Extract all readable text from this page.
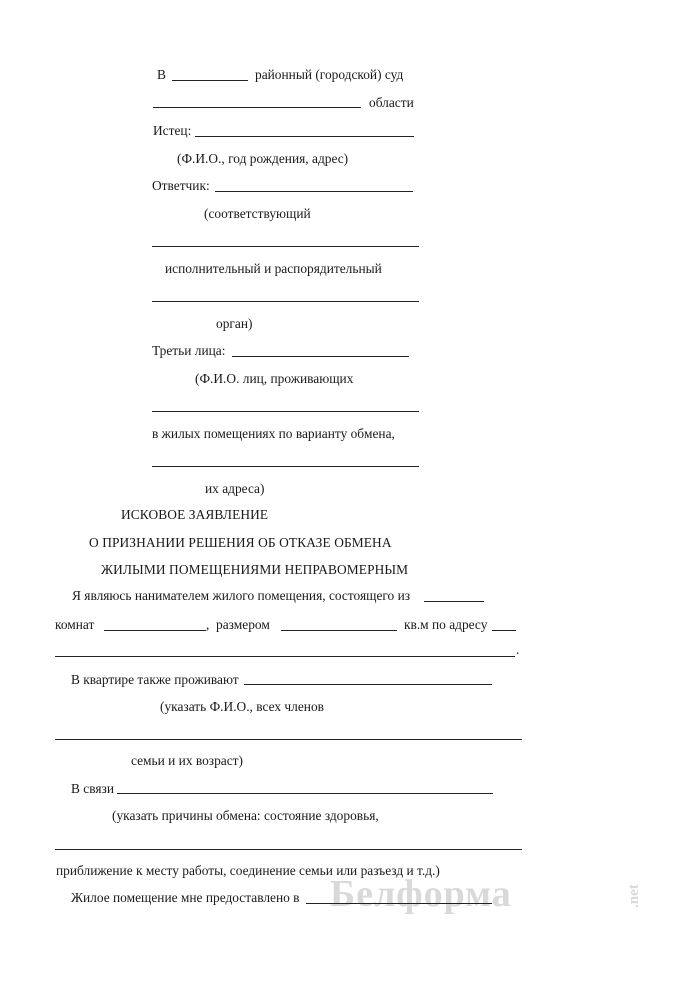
В	районный (городской) суд
области
Истец:
(Ф.И.О., год рождения, адрес)
Ответчик:
(соответствующий
исполнительный и распорядительный
орган)
Третьи лица:
(Ф.И.О. лиц, проживающих
в жилых помещениях по варианту обмена,
их адреса)
ИСКОВОЕ ЗАЯВЛЕНИЕ
О ПРИЗНАНИИ РЕШЕНИЯ ОБ ОТКАЗЕ ОБМЕНА
ЖИЛЫМИ ПОМЕЩЕНИЯМИ НЕПРАВОМЕРНЫМ
Я являюсь нанимателем жилого помещения, состоящего из
комнат	,  размером	кв.м по адресу
.
В квартире также проживают
(указать Ф.И.О., всех членов
семьи и их возраст)
В связи
(указать причины обмена: состояние здоровья,
приближение к месту работы, соединение семьи или разъезд и т.д.)
Жилое помещение мне предоставлено в Белформа	.net
